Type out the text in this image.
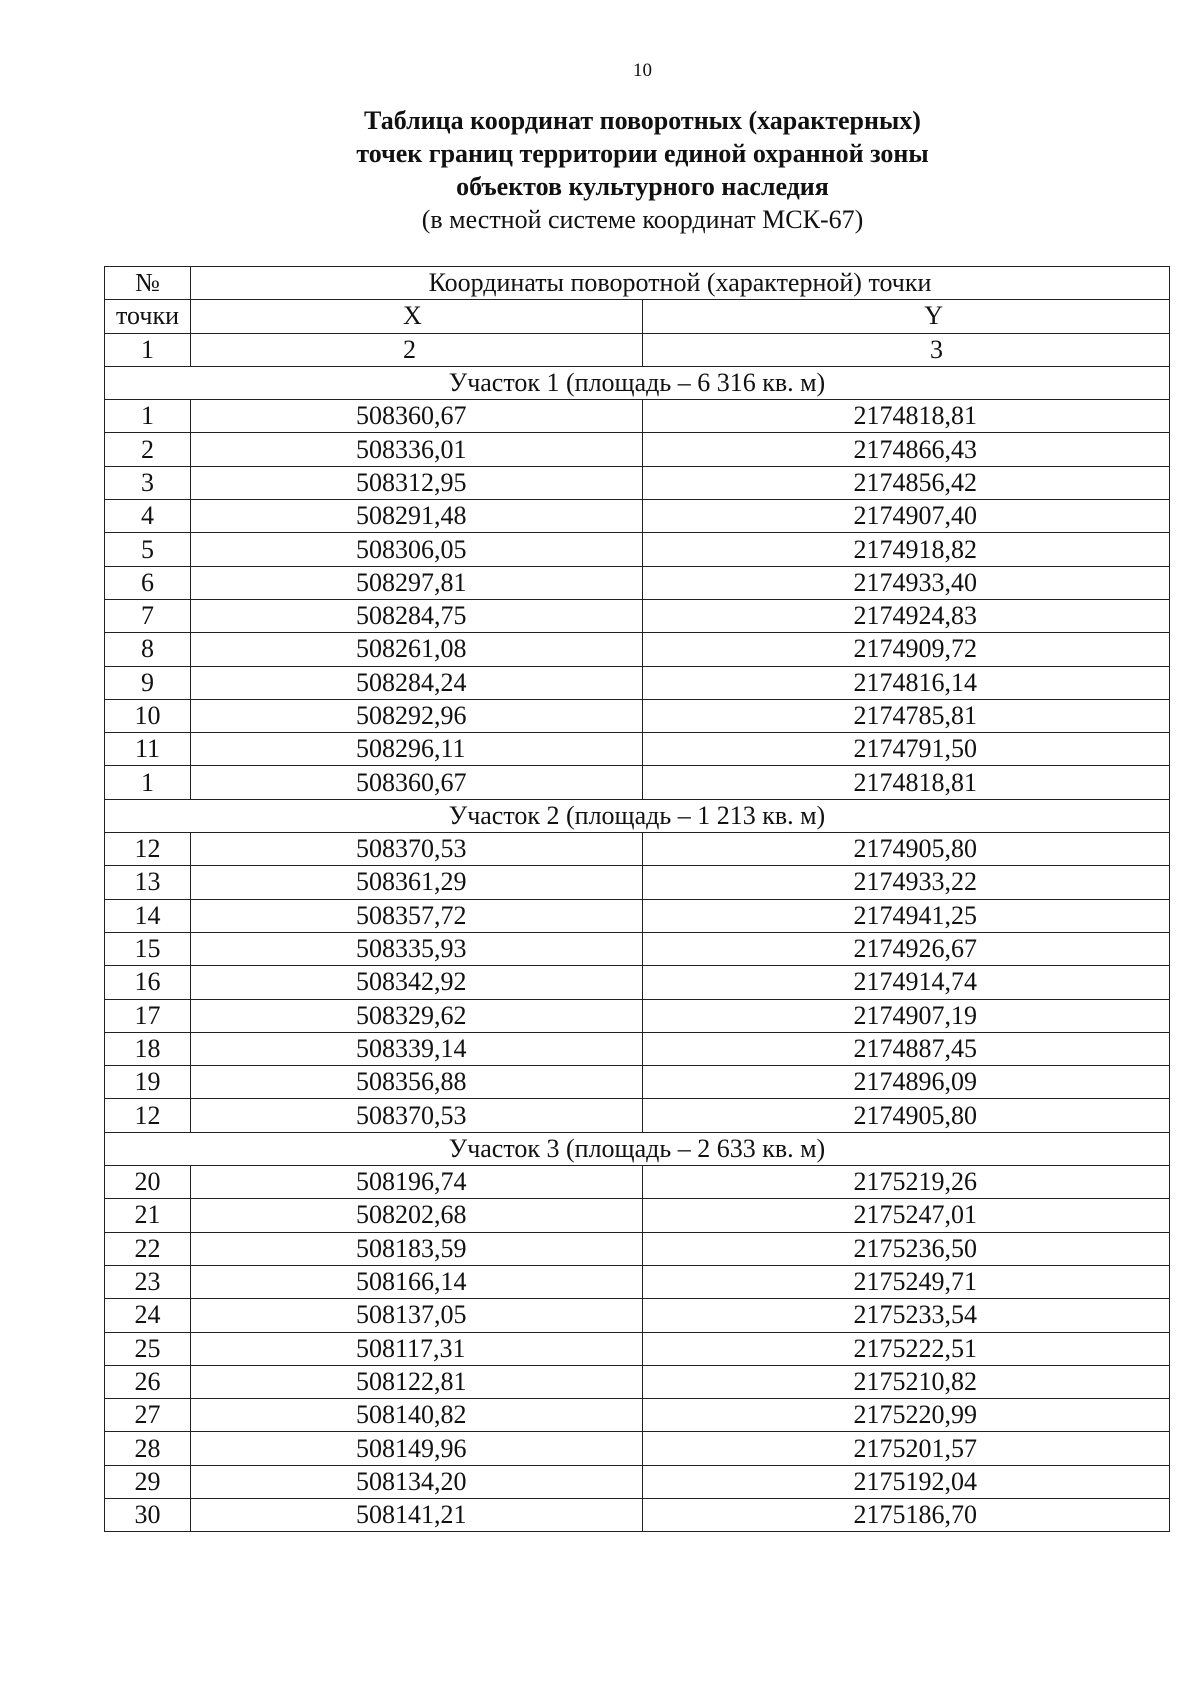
10
Таблица координат поворотных (характерных)
точек границ территории единой охранной зоны
объектов культурного наследия
(в местной системе координат МСК-67)
№	Координаты поворотной (характерной) точки	
точки	X	Y
1	2	3
Участок 1 (площадь – 6 316 кв. м)		
1	508360,67	2174818,81
2	508336,01	2174866,43
3	508312,95	2174856,42
4	508291,48	2174907,40
5	508306,05	2174918,82
6	508297,81	2174933,40
7	508284,75	2174924,83
8	508261,08	2174909,72
9	508284,24	2174816,14
10	508292,96	2174785,81
11	508296,11	2174791,50
1	508360,67	2174818,81
Участок 2 (площадь – 1 213 кв. м)		
12	508370,53	2174905,80
13	508361,29	2174933,22
14	508357,72	2174941,25
15	508335,93	2174926,67
16	508342,92	2174914,74
17	508329,62	2174907,19
18	508339,14	2174887,45
19	508356,88	2174896,09
12	508370,53	2174905,80
Участок 3 (площадь – 2 633 кв. м)		
20	508196,74	2175219,26
21	508202,68	2175247,01
22	508183,59	2175236,50
23	508166,14	2175249,71
24	508137,05	2175233,54
25	508117,31	2175222,51
26	508122,81	2175210,82
27	508140,82	2175220,99
28	508149,96	2175201,57
29	508134,20	2175192,04
30	508141,21	2175186,70
